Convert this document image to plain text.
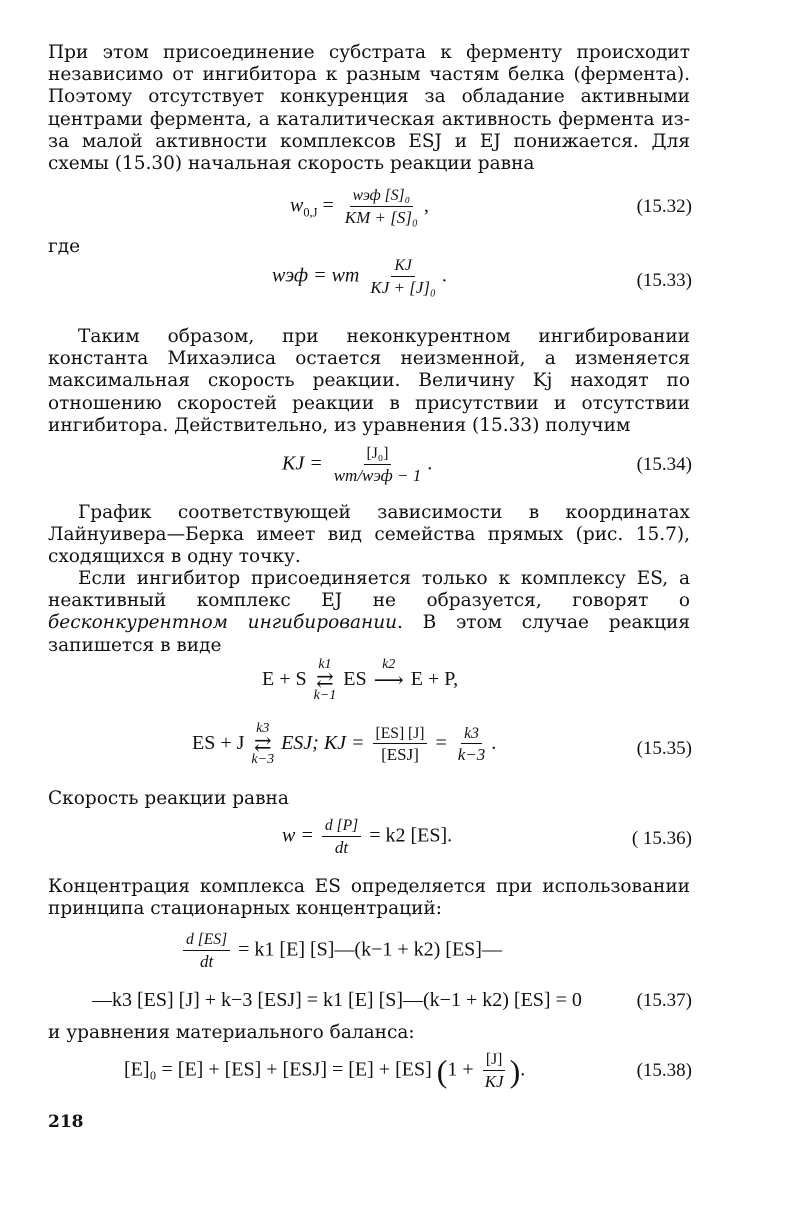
При этом присоединение субстрата к ферменту происходит независимо от ингибитора к разным частям белка (фермента). Поэтому отсутствует конкуренция за обладание активными центрами фермента, а каталитическая активность фермента из-за малой активности комплексов ESJ и EJ понижается. Для схемы (15.30) начальная скорость реакции равна

$w_{0,J} = \frac{\text{wэф [S]₀}}{\text{KM + [S]₀}}$ ,	(15.32)
где
wэф = wm $\frac{KJ}{\text{KJ + [J]₀}}$ .	(15.33)

Таким образом, при неконкурентном ингибировании константа Михаэлиса остается неизменной, а изменяется максимальная скорость реакции. Величину Kj находят по отношению скоростей реакции в присутствии и отсутствии ингибитора. Действительно, из уравнения (15.33) получим

KJ = $\frac{\text{[J₀]}}{\text{wm/wэф − 1}}$ .	(15.34)

График соответствующей зависимости в координатах Лайнуивера—Берка имеет вид семейства прямых (рис. 15.7), сходящихся в одну точку.

Если ингибитор присоединяется только к комплексу ES, а неактивный комплекс EJ не образуется, говорят о бесконкурентном ингибировании. В этом случае реакция запишется в виде

E + S
k1
⇄
k−1
ES
k2
⟶
E + P,
ES + J
k3
⇄
k−3
ESJ; KJ = $\frac{[ES] [J]}{\text{[ESJ]}} = \frac{k3}{k-3}$ .	(15.35)
Скорость реакции равна
$w = \frac{d [P]}{dt} = k2$ [ES].	( 15.36)

Концентрация комплекса ES определяется при использовании принципа стационарных концентраций:

$\frac{d [ES]}{dt} = k1$ [E] [S]—(k−1 + k2) [ES]—
—k3 [ES] [J] + k−3 [ESJ] = k1 [E] [S]—(k−1 + k2) [ES] = 0	(15.37)
и уравнения материального баланса:
[E]₀ = [E] + [ES] + [ESJ] = [E] + [ES] ($1 + \frac{[J]}{KJ}$ ).	(15.38)
218
